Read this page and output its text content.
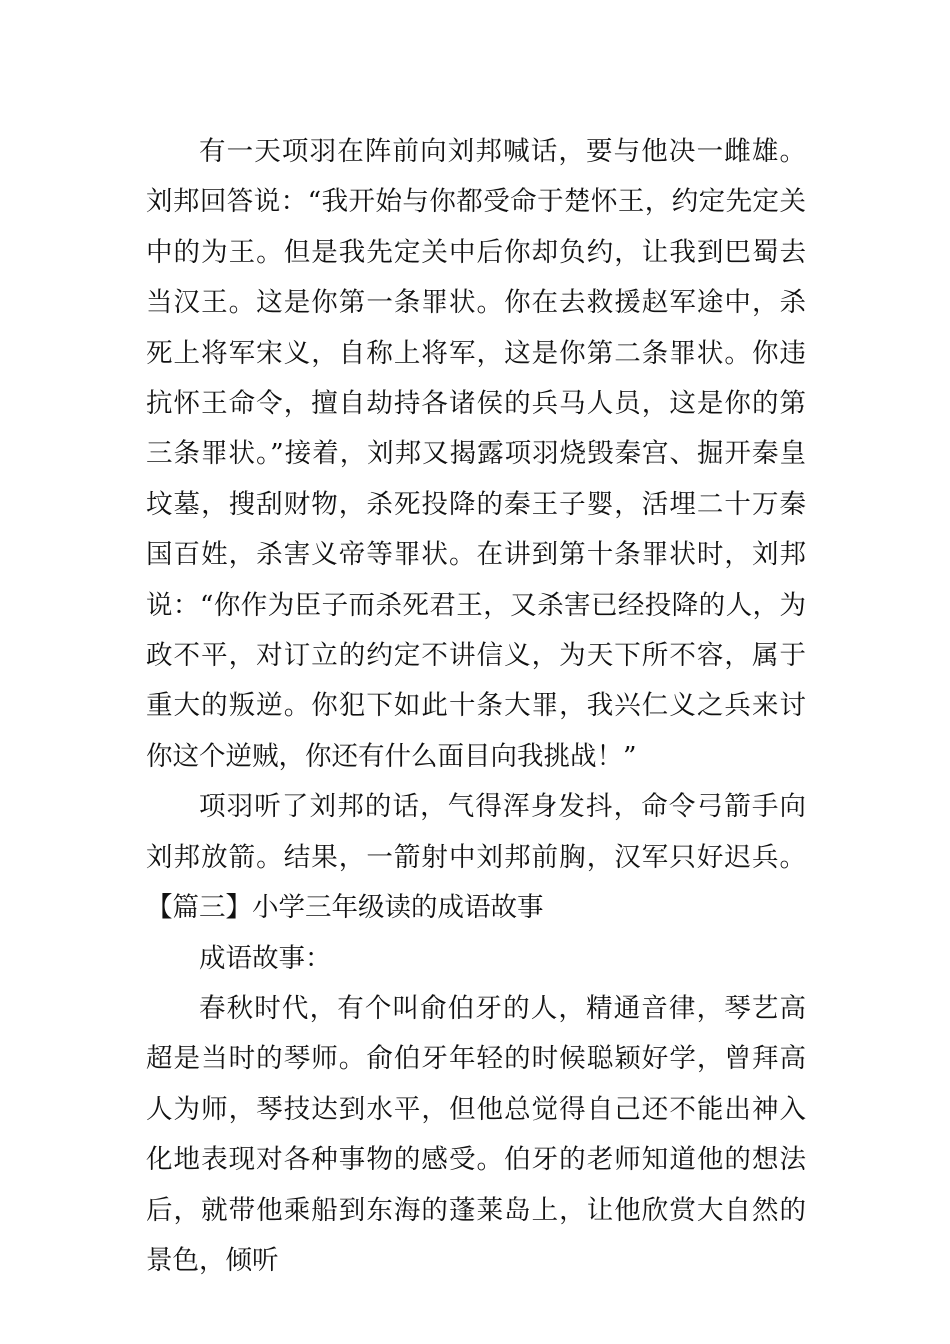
有一天项羽在阵前向刘邦喊话，要与他决一雌雄。刘邦回答说：“我开始与你都受命于楚怀王，约定先定关中的为王。但是我先定关中后你却负约，让我到巴蜀去当汉王。这是你第一条罪状。你在去救援赵军途中，杀死上将军宋义，自称上将军，这是你第二条罪状。你违抗怀王命令，擅自劫持各诸侯的兵马人员，这是你的第三条罪状。”接着，刘邦又揭露项羽烧毁秦宫、掘开秦皇坟墓，搜刮财物，杀死投降的秦王子婴，活埋二十万秦国百姓，杀害义帝等罪状。在讲到第十条罪状时，刘邦说：“你作为臣子而杀死君王，又杀害已经投降的人，为政不平，对订立的约定不讲信义，为天下所不容，属于重大的叛逆。你犯下如此十条大罪，我兴仁义之兵来讨你这个逆贼，你还有什么面目向我挑战！”

项羽听了刘邦的话，气得浑身发抖，命令弓箭手向刘邦放箭。结果，一箭射中刘邦前胸，汉军只好迟兵。【篇三】小学三年级读的成语故事

成语故事：

春秋时代，有个叫俞伯牙的人，精通音律，琴艺高超是当时的琴师。俞伯牙年轻的时候聪颖好学，曾拜高人为师，琴技达到水平，但他总觉得自己还不能出神入化地表现对各种事物的感受。伯牙的老师知道他的想法后，就带他乘船到东海的蓬莱岛上，让他欣赏大自然的景色，倾听
